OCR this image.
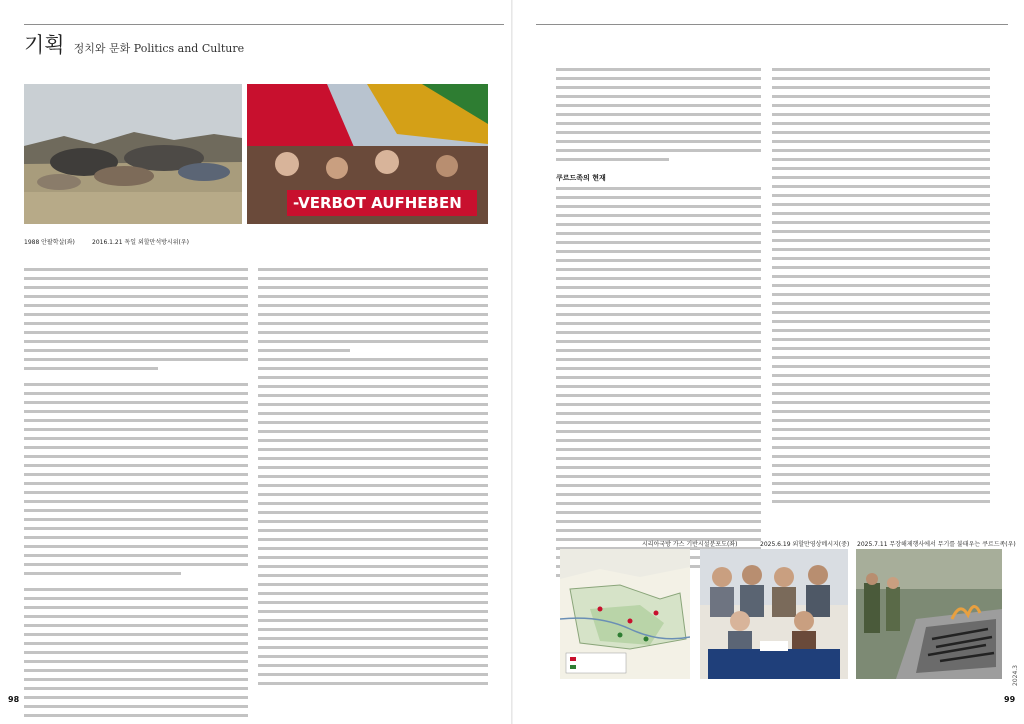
기획 정치와 문화 Politics and Culture
-VERBOT AUFHEBEN
1988 안팔학살(좌)	2016.1.21 독일 외할만석방시위(우)
98
쿠르드족의 현재
시리아국방 가스 기반시설분포도(좌)	2025.6.19 외할만영상메시지(중) 2025.7.11 무장해제행사에서 무기를 불태우는 쿠르드족(우)
2024.3
99
